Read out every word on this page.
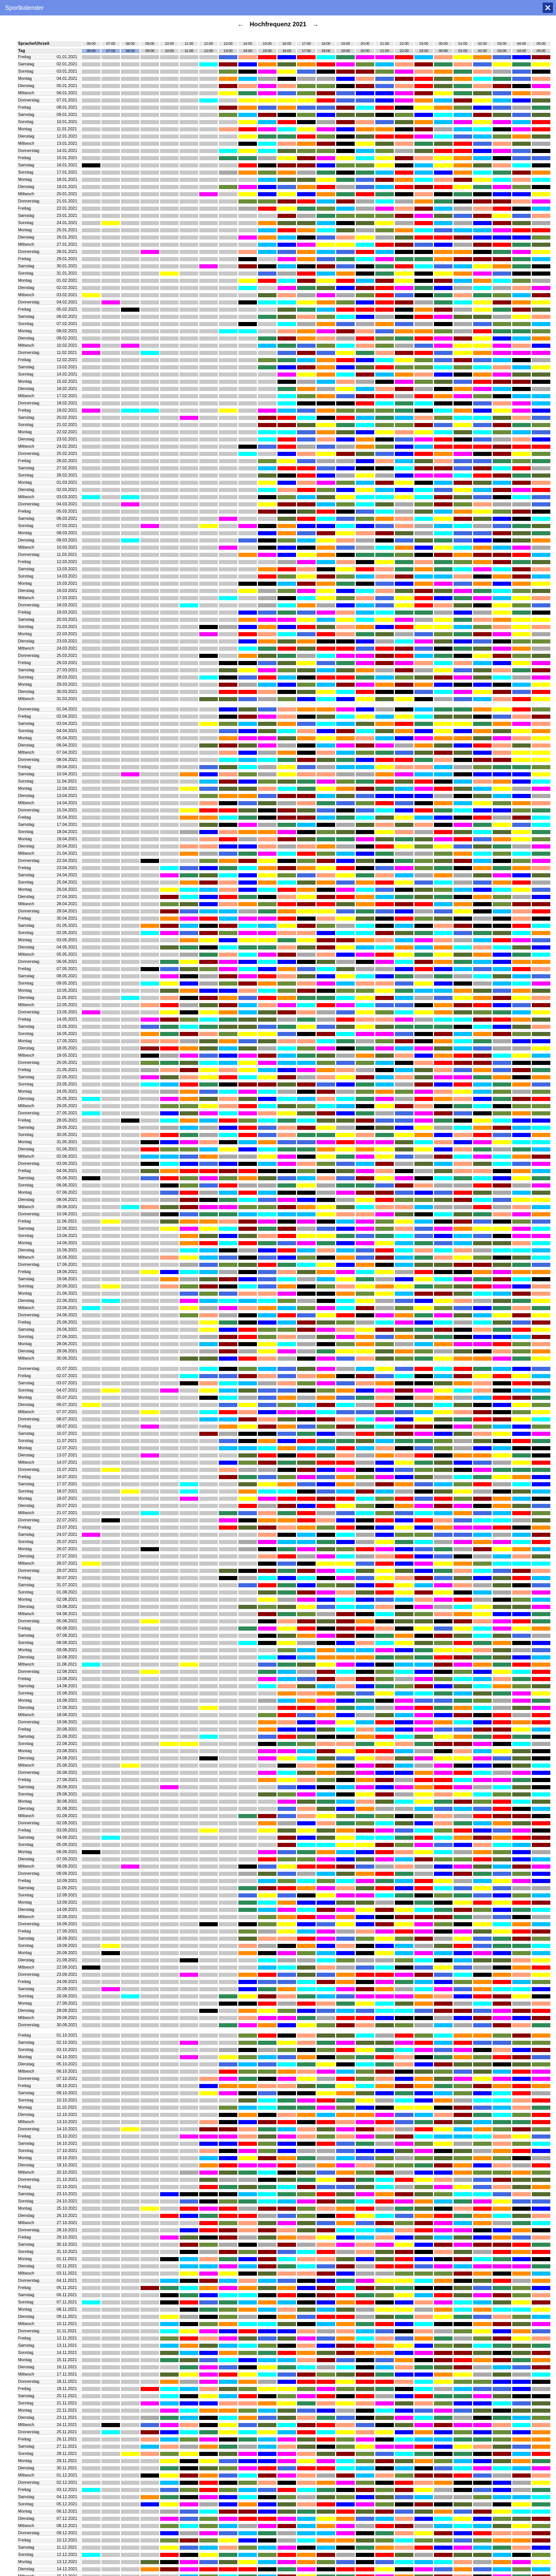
Sportkalender
← Hochfrequenz 2021 →
Sprache/Uhrzeit	06:00	07:00	08:00	09:00	10:00	11:00	12:00	13:00	14:00	15:00	16:00	17:00	18:00	19:00	20:00	21:00	22:00	23:00	00:00	01:00	02:00	03:00	04:00	05:00
Tag	06:00	07:00	08:00	09:00	10:00	11:00	12:00	13:00	14:00	15:00	16:00	17:00	18:00	19:00	20:00	21:00	22:00	23:00	00:00	01:00	02:00	03:00	04:00	05:00
Freitag	01.01.2021
Samstag	02.01.2021
Sonntag	03.01.2021
Montag	04.01.2021
Dienstag	05.01.2021
Mittwoch	06.01.2021
Donnerstag	07.01.2021
Freitag	08.01.2021
Samstag	09.01.2021
Sonntag	10.01.2021
Montag	11.01.2021
Dienstag	12.01.2021
Mittwoch	13.01.2021
Donnerstag	14.01.2021
Freitag	15.01.2021
Samstag	16.01.2021
Sonntag	17.01.2021
Montag	18.01.2021
Dienstag	19.01.2021
Mittwoch	20.01.2021
Donnerstag	21.01.2021
Freitag	22.01.2021
Samstag	23.01.2021
Sonntag	24.01.2021
Montag	25.01.2021
Dienstag	26.01.2021
Mittwoch	27.01.2021
Donnerstag	28.01.2021
Freitag	29.01.2021
Samstag	30.01.2021
Sonntag	31.01.2021
Montag	01.02.2021
Dienstag	02.02.2021
Mittwoch	03.02.2021
Donnerstag	04.02.2021
Freitag	05.02.2021
Samstag	06.02.2021
Sonntag	07.02.2021
Montag	08.02.2021
Dienstag	09.02.2021
Mittwoch	10.02.2021
Donnerstag	11.02.2021
Freitag	12.02.2021
Samstag	13.02.2021
Sonntag	14.02.2021
Montag	15.02.2021
Dienstag	16.02.2021
Mittwoch	17.02.2021
Donnerstag	18.02.2021
Freitag	19.02.2021
Samstag	20.02.2021
Sonntag	21.02.2021
Montag	22.02.2021
Dienstag	23.02.2021
Mittwoch	24.02.2021
Donnerstag	25.02.2021
Freitag	26.02.2021
Samstag	27.02.2021
Sonntag	28.02.2021
Montag	01.03.2021
Dienstag	02.03.2021
Mittwoch	03.03.2021
Donnerstag	04.03.2021
Freitag	05.03.2021
Samstag	06.03.2021
Sonntag	07.03.2021
Montag	08.03.2021
Dienstag	09.03.2021
Mittwoch	10.03.2021
Donnerstag	11.03.2021
Freitag	12.03.2021
Samstag	13.03.2021
Sonntag	14.03.2021
Montag	15.03.2021
Dienstag	16.03.2021
Mittwoch	17.03.2021
Donnerstag	18.03.2021
Freitag	19.03.2021
Samstag	20.03.2021
Sonntag	21.03.2021
Montag	22.03.2021
Dienstag	23.03.2021
Mittwoch	24.03.2021
Donnerstag	25.03.2021
Freitag	26.03.2021
Samstag	27.03.2021
Sonntag	28.03.2021
Montag	29.03.2021
Dienstag	30.03.2021
Mittwoch	31.03.2021
Donnerstag	01.04.2021
Freitag	02.04.2021
Samstag	03.04.2021
Sonntag	04.04.2021
Montag	05.04.2021
Dienstag	06.04.2021
Mittwoch	07.04.2021
Donnerstag	08.04.2021
Freitag	09.04.2021
Samstag	10.04.2021
Sonntag	11.04.2021
Montag	12.04.2021
Dienstag	13.04.2021
Mittwoch	14.04.2021
Donnerstag	15.04.2021
Freitag	16.04.2021
Samstag	17.04.2021
Sonntag	18.04.2021
Montag	19.04.2021
Dienstag	20.04.2021
Mittwoch	21.04.2021
Donnerstag	22.04.2021
Freitag	23.04.2021
Samstag	24.04.2021
Sonntag	25.04.2021
Montag	26.04.2021
Dienstag	27.04.2021
Mittwoch	28.04.2021
Donnerstag	29.04.2021
Freitag	30.04.2021
Samstag	01.05.2021
Sonntag	02.05.2021
Montag	03.05.2021
Dienstag	04.05.2021
Mittwoch	05.05.2021
Donnerstag	06.05.2021
Freitag	07.05.2021
Samstag	08.05.2021
Sonntag	09.05.2021
Montag	10.05.2021
Dienstag	11.05.2021
Mittwoch	12.05.2021
Donnerstag	13.05.2021
Freitag	14.05.2021
Samstag	15.05.2021
Sonntag	16.05.2021
Montag	17.05.2021
Dienstag	18.05.2021
Mittwoch	19.05.2021
Donnerstag	20.05.2021
Freitag	21.05.2021
Samstag	22.05.2021
Sonntag	23.05.2021
Montag	24.05.2021
Dienstag	25.05.2021
Mittwoch	26.05.2021
Donnerstag	27.05.2021
Freitag	28.05.2021
Samstag	29.05.2021
Sonntag	30.05.2021
Montag	31.05.2021
Dienstag	01.06.2021
Mittwoch	02.06.2021
Donnerstag	03.06.2021
Freitag	04.06.2021
Samstag	05.06.2021
Sonntag	06.06.2021
Montag	07.06.2021
Dienstag	08.06.2021
Mittwoch	09.06.2021
Donnerstag	10.06.2021
Freitag	11.06.2021
Samstag	12.06.2021
Sonntag	13.06.2021
Montag	14.06.2021
Dienstag	15.06.2021
Mittwoch	16.06.2021
Donnerstag	17.06.2021
Freitag	18.06.2021
Samstag	19.06.2021
Sonntag	20.06.2021
Montag	21.06.2021
Dienstag	22.06.2021
Mittwoch	23.06.2021
Donnerstag	24.06.2021
Freitag	25.06.2021
Samstag	26.06.2021
Sonntag	27.06.2021
Montag	28.06.2021
Dienstag	29.06.2021
Mittwoch	30.06.2021
Donnerstag	01.07.2021
Freitag	02.07.2021
Samstag	03.07.2021
Sonntag	04.07.2021
Montag	05.07.2021
Dienstag	06.07.2021
Mittwoch	07.07.2021
Donnerstag	08.07.2021
Freitag	09.07.2021
Samstag	10.07.2021
Sonntag	11.07.2021
Montag	12.07.2021
Dienstag	13.07.2021
Mittwoch	14.07.2021
Donnerstag	15.07.2021
Freitag	16.07.2021
Samstag	17.07.2021
Sonntag	18.07.2021
Montag	19.07.2021
Dienstag	20.07.2021
Mittwoch	21.07.2021
Donnerstag	22.07.2021
Freitag	23.07.2021
Samstag	24.07.2021
Sonntag	25.07.2021
Montag	26.07.2021
Dienstag	27.07.2021
Mittwoch	28.07.2021
Donnerstag	29.07.2021
Freitag	30.07.2021
Samstag	31.07.2021
Sonntag	01.08.2021
Montag	02.08.2021
Dienstag	03.08.2021
Mittwoch	04.08.2021
Donnerstag	05.08.2021
Freitag	06.08.2021
Samstag	07.08.2021
Sonntag	08.08.2021
Montag	09.08.2021
Dienstag	10.08.2021
Mittwoch	11.08.2021
Donnerstag	12.08.2021
Freitag	13.08.2021
Samstag	14.08.2021
Sonntag	15.08.2021
Montag	16.08.2021
Dienstag	17.08.2021
Mittwoch	18.08.2021
Donnerstag	19.08.2021
Freitag	20.08.2021
Samstag	21.08.2021
Sonntag	22.08.2021
Montag	23.08.2021
Dienstag	24.08.2021
Mittwoch	25.08.2021
Donnerstag	26.08.2021
Freitag	27.08.2021
Samstag	28.08.2021
Sonntag	29.08.2021
Montag	30.08.2021
Dienstag	31.08.2021
Mittwoch	01.09.2021
Donnerstag	02.09.2021
Freitag	03.09.2021
Samstag	04.09.2021
Sonntag	05.09.2021
Montag	06.09.2021
Dienstag	07.09.2021
Mittwoch	08.09.2021
Donnerstag	09.09.2021
Freitag	10.09.2021
Samstag	11.09.2021
Sonntag	12.09.2021
Montag	13.09.2021
Dienstag	14.09.2021
Mittwoch	15.09.2021
Donnerstag	16.09.2021
Freitag	17.09.2021
Samstag	18.09.2021
Sonntag	19.09.2021
Montag	20.09.2021
Dienstag	21.09.2021
Mittwoch	22.09.2021
Donnerstag	23.09.2021
Freitag	24.09.2021
Samstag	25.09.2021
Sonntag	26.09.2021
Montag	27.09.2021
Dienstag	28.09.2021
Mittwoch	29.09.2021
Donnerstag	30.09.2021
Freitag	01.10.2021
Samstag	02.10.2021
Sonntag	03.10.2021
Montag	04.10.2021
Dienstag	05.10.2021
Mittwoch	06.10.2021
Donnerstag	07.10.2021
Freitag	08.10.2021
Samstag	09.10.2021
Sonntag	10.10.2021
Montag	11.10.2021
Dienstag	12.10.2021
Mittwoch	13.10.2021
Donnerstag	14.10.2021
Freitag	15.10.2021
Samstag	16.10.2021
Sonntag	17.10.2021
Montag	18.10.2021
Dienstag	19.10.2021
Mittwoch	20.10.2021
Donnerstag	21.10.2021
Freitag	22.10.2021
Samstag	23.10.2021
Sonntag	24.10.2021
Montag	25.10.2021
Dienstag	26.10.2021
Mittwoch	27.10.2021
Donnerstag	28.10.2021
Freitag	29.10.2021
Samstag	30.10.2021
Sonntag	31.10.2021
Montag	01.11.2021
Dienstag	02.11.2021
Mittwoch	03.11.2021
Donnerstag	04.11.2021
Freitag	05.11.2021
Samstag	06.11.2021
Sonntag	07.11.2021
Montag	08.11.2021
Dienstag	09.11.2021
Mittwoch	10.11.2021
Donnerstag	11.11.2021
Freitag	12.11.2021
Samstag	13.11.2021
Sonntag	14.11.2021
Montag	15.11.2021
Dienstag	16.11.2021
Mittwoch	17.11.2021
Donnerstag	18.11.2021
Freitag	19.11.2021
Samstag	20.11.2021
Sonntag	21.11.2021
Montag	22.11.2021
Dienstag	23.11.2021
Mittwoch	24.11.2021
Donnerstag	25.11.2021
Freitag	26.11.2021
Samstag	27.11.2021
Sonntag	28.11.2021
Montag	29.11.2021
Dienstag	30.11.2021
Mittwoch	01.12.2021
Donnerstag	02.12.2021
Freitag	03.12.2021
Samstag	04.12.2021
Sonntag	05.12.2021
Montag	06.12.2021
Dienstag	07.12.2021
Mittwoch	08.12.2021
Donnerstag	09.12.2021
Freitag	10.12.2021
Samstag	11.12.2021
Sonntag	12.12.2021
Montag	13.12.2021
Dienstag	14.12.2021
